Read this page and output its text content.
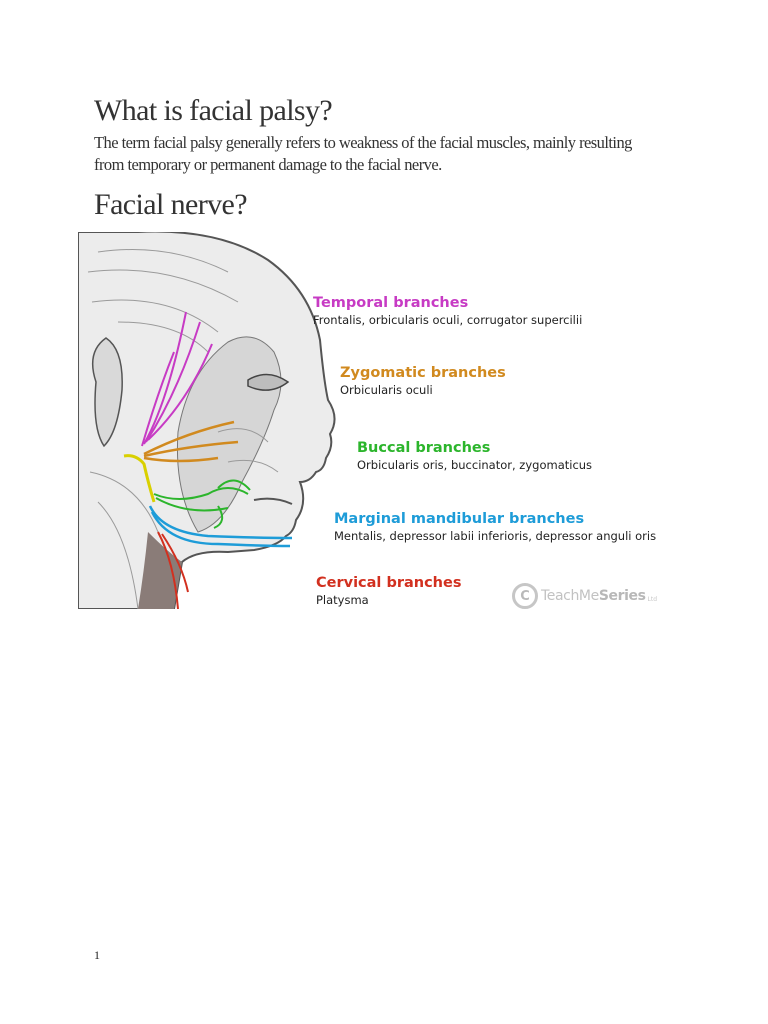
What is facial palsy?

The term facial palsy generally refers to weakness of the facial muscles, mainly resulting
from temporary or permanent damage to the facial nerve.

Facial nerve?
Temporal branches
Frontalis, orbicularis oculi, corrugator supercilii
Zygomatic branches
Orbicularis oculi
Buccal branches
Orbicularis oris, buccinator, zygomaticus
Marginal mandibular branches
Mentalis, depressor labii inferioris, depressor anguli oris
Cervical branches
Platysma	C TeachMeSeries Ltd
1
